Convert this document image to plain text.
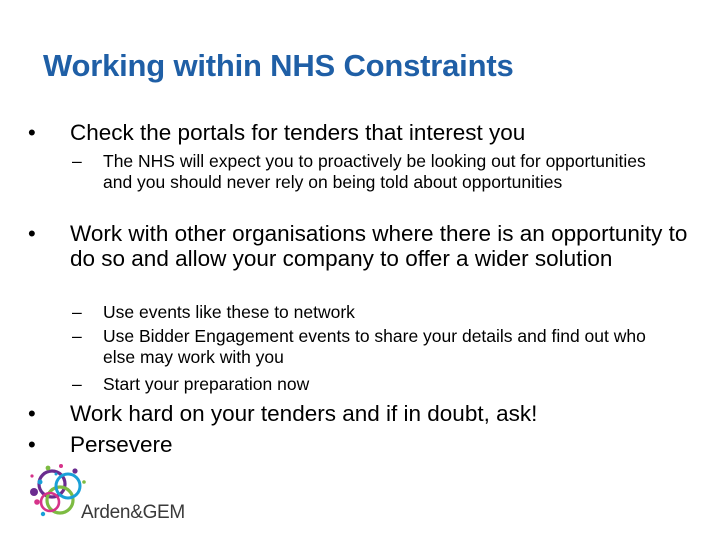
Working within NHS Constraints
• Check the portals for tenders that interest you
– The NHS will expect you to proactively be looking out for opportunities and you should never rely on being told about opportunities
• Work with other organisations where there is an opportunity to do so and allow your company to offer a wider solution
– Use events like these to network
– Use Bidder Engagement events to share your details and find out who else may work with you
– Start your preparation now
• Work hard on your tenders and if in doubt, ask!
• Persevere
Arden&GEM
